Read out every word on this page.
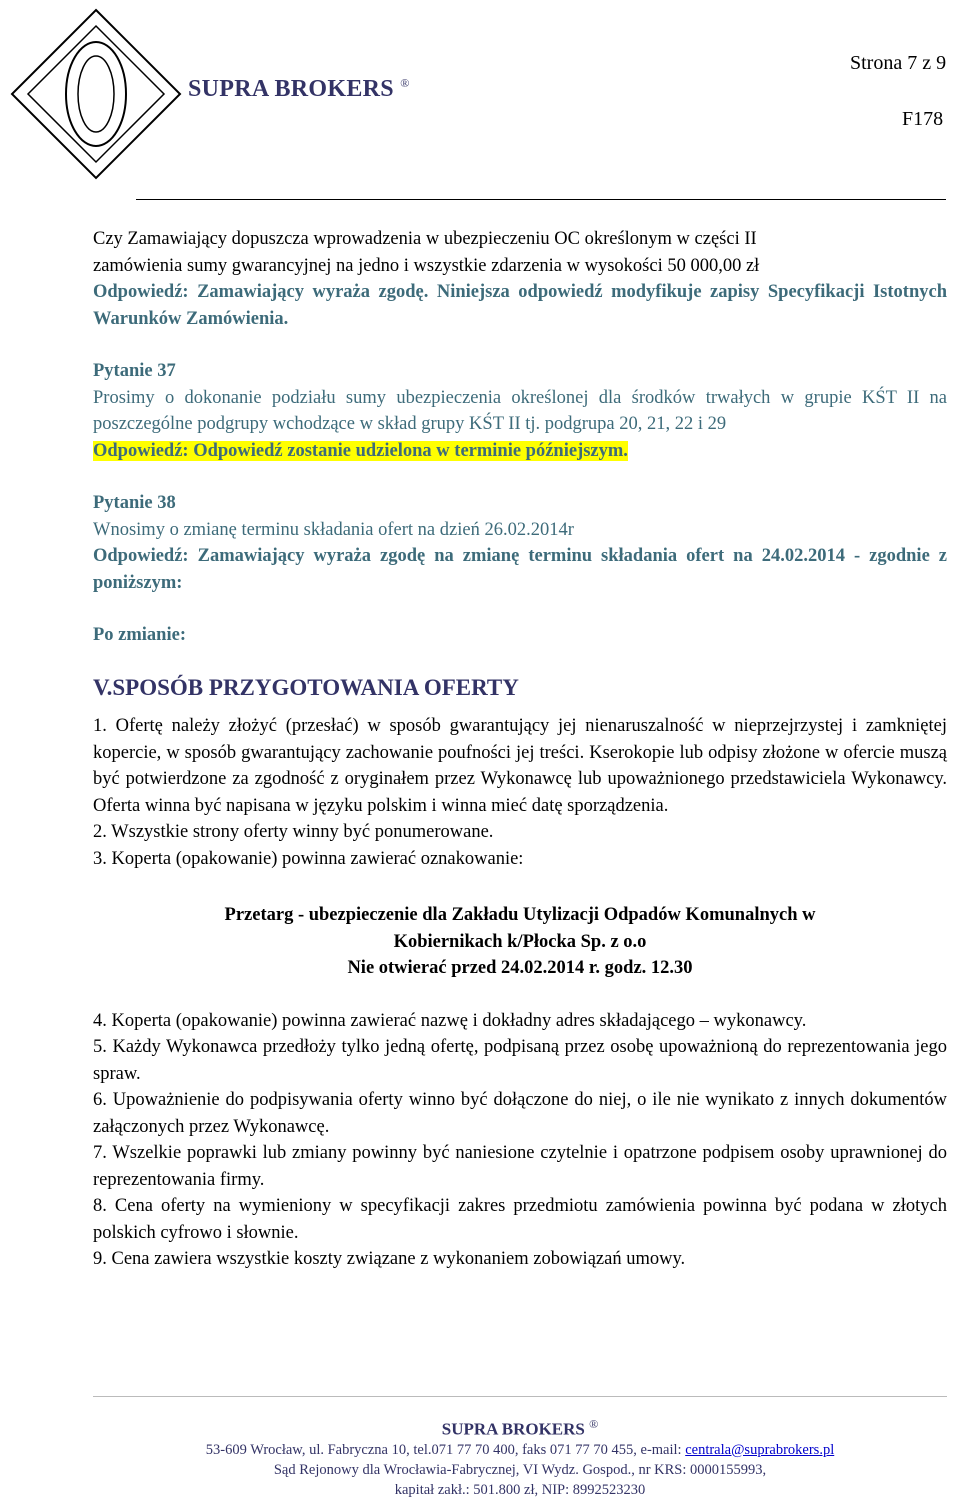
Strona 7 z 9
SUPRA BROKERS ®
F178

Czy Zamawiający dopuszcza wprowadzenia w ubezpieczeniu OC określonym w części II

zamówienia sumy gwarancyjnej na jedno i wszystkie zdarzenia w wysokości 50 000,00 zł

Odpowiedź: Zamawiający wyraża zgodę. Niniejsza odpowiedź modyfikuje zapisy Specyfikacji Istotnych Warunków Zamówienia.

Pytanie 37

Prosimy o dokonanie podziału sumy ubezpieczenia określonej dla środków trwałych w grupie KŚT II na poszczególne podgrupy wchodzące w skład grupy KŚT II tj. podgrupa 20, 21, 22 i 29

Odpowiedź: Odpowiedź zostanie udzielona w terminie późniejszym.

Pytanie 38

Wnosimy o zmianę terminu składania ofert na dzień 26.02.2014r

Odpowiedź: Zamawiający wyraża zgodę na zmianę terminu składania ofert na 24.02.2014 - zgodnie z poniższym:

Po zmianie:

V.SPOSÓB PRZYGOTOWANIA OFERTY

1. Ofertę należy złożyć (przesłać) w sposób gwarantujący jej nienaruszalność w nieprzejrzystej i zamkniętej kopercie, w sposób gwarantujący zachowanie poufności jej treści. Kserokopie lub odpisy złożone w ofercie muszą być potwierdzone za zgodność z oryginałem przez Wykonawcę lub upoważnionego przedstawiciela Wykonawcy. Oferta winna być napisana w języku polskim i winna mieć datę sporządzenia.

2. Wszystkie strony oferty winny być ponumerowane.

3. Koperta (opakowanie) powinna zawierać oznakowanie:

Przetarg - ubezpieczenie dla Zakładu Utylizacji Odpadów Komunalnych w

Kobiernikach k/Płocka Sp. z o.o

Nie otwierać przed 24.02.2014 r. godz. 12.30

4. Koperta (opakowanie) powinna zawierać nazwę i dokładny adres składającego – wykonawcy.

5. Każdy Wykonawca przedłoży tylko jedną ofertę, podpisaną przez osobę upoważnioną do reprezentowania jego spraw.

6. Upoważnienie do podpisywania oferty winno być dołączone do niej, o ile nie wynikato z innych dokumentów załączonych przez Wykonawcę.

7. Wszelkie poprawki lub zmiany powinny być naniesione czytelnie i opatrzone podpisem osoby uprawnionej do reprezentowania firmy.

8. Cena oferty na wymieniony w specyfikacji zakres przedmiotu zamówienia powinna być podana w złotych polskich cyfrowo i słownie.

9. Cena zawiera wszystkie koszty związane z wykonaniem zobowiązań umowy.

SUPRA BROKERS ®
53-609 Wrocław, ul. Fabryczna 10, tel.071 77 70 400, faks 071 77 70 455, e-mail: centrala@suprabrokers.pl
Sąd Rejonowy dla Wrocławia-Fabrycznej, VI Wydz. Gospod., nr KRS: 0000155993,
kapitał zakł.: 501.800 zł, NIP: 8992523230
